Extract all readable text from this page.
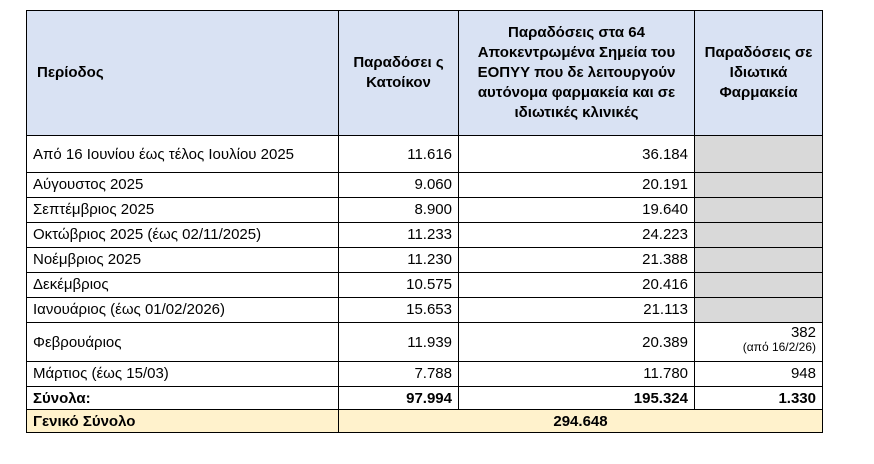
Περίοδος	Παραδόσει ς Κατοίκον	Παραδόσεις στα 64 Αποκεντρωμένα Σημεία του ΕΟΠΥΥ που δε λειτουργούν αυτόνομα φαρμακεία και σε ιδιωτικές κλινικές	Παραδόσεις σε Ιδιωτικά Φαρμακεία
Από 16 Ιουνίου έως τέλος Ιουλίου 2025	11.616	36.184	
Αύγουστος 2025	9.060	20.191	
Σεπτέμβριος 2025	8.900	19.640	
Οκτώβριος 2025 (έως 02/11/2025)	11.233	24.223	
Νοέμβριος 2025	11.230	21.388	
Δεκέμβριος	10.575	20.416	
Ιανουάριος (έως 01/02/2026)	15.653	21.113	
Φεβρουάριος	11.939	20.389	382
(από 16/2/26)

Μάρτιος (έως 15/03)	7.788	11.780	948
Σύνολα:	97.994	195.324	1.330
Γενικό Σύνολο	294.648		
